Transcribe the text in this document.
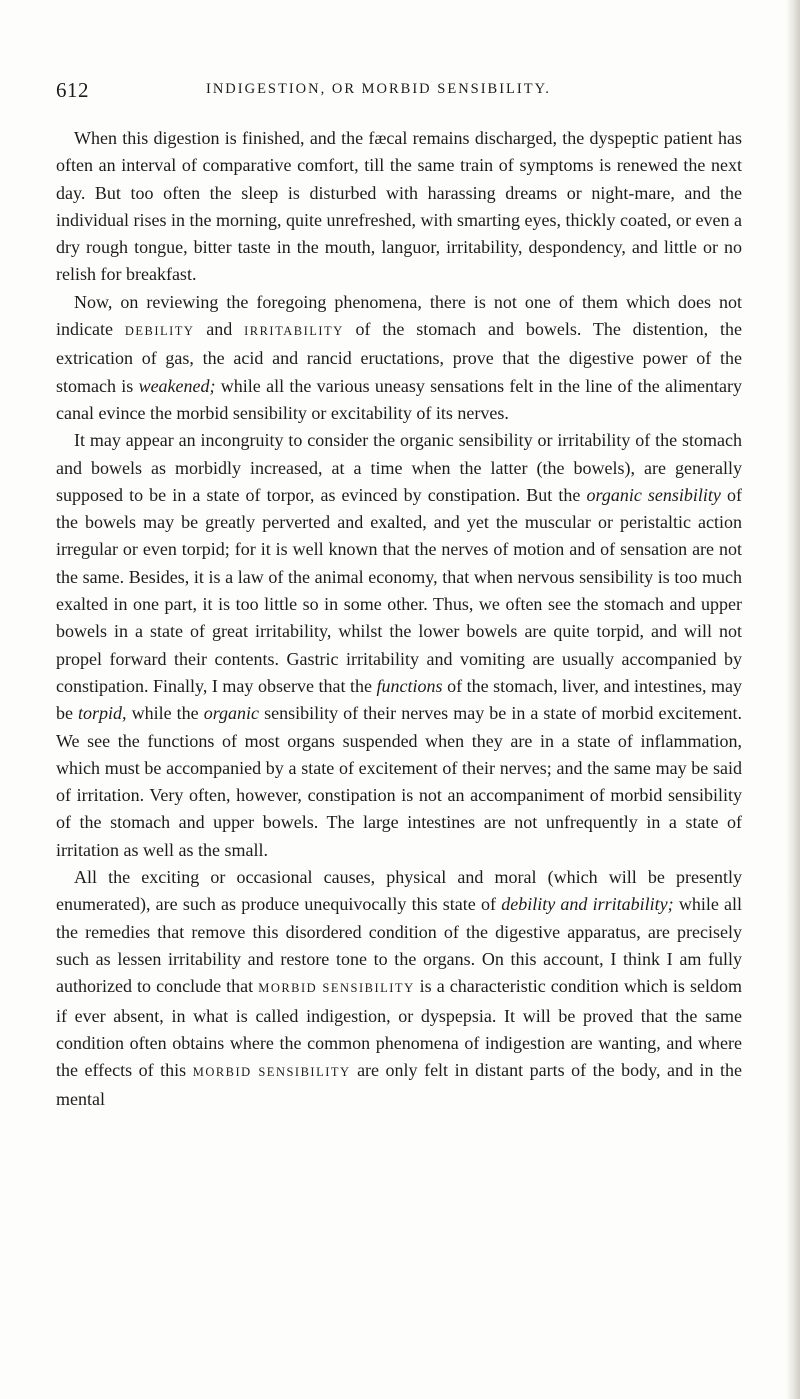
612	INDIGESTION, OR MORBID SENSIBILITY.

When this digestion is finished, and the fæcal remains discharged, the dyspeptic patient has often an interval of comparative comfort, till the same train of symptoms is renewed the next day. But too often the sleep is disturbed with harassing dreams or night-mare, and the individual rises in the morning, quite unrefreshed, with smarting eyes, thickly coated, or even a dry rough tongue, bitter taste in the mouth, languor, irritability, despondency, and little or no relish for breakfast.

Now, on reviewing the foregoing phenomena, there is not one of them which does not indicate DEBILITY and IRRITABILITY of the stomach and bowels. The distention, the extrication of gas, the acid and rancid eructations, prove that the digestive power of the stomach is weakened; while all the various uneasy sensations felt in the line of the alimentary canal evince the morbid sensibility or excitability of its nerves.

It may appear an incongruity to consider the organic sensibility or irritability of the stomach and bowels as morbidly increased, at a time when the latter (the bowels), are generally supposed to be in a state of torpor, as evinced by constipation. But the organic sensibility of the bowels may be greatly perverted and exalted, and yet the muscular or peristaltic action irregular or even torpid; for it is well known that the nerves of motion and of sensation are not the same. Besides, it is a law of the animal economy, that when nervous sensibility is too much exalted in one part, it is too little so in some other. Thus, we often see the stomach and upper bowels in a state of great irritability, whilst the lower bowels are quite torpid, and will not propel forward their contents. Gastric irritability and vomiting are usually accompanied by constipation. Finally, I may observe that the functions of the stomach, liver, and intestines, may be torpid, while the organic sensibility of their nerves may be in a state of morbid excitement. We see the functions of most organs suspended when they are in a state of inflammation, which must be accompanied by a state of excitement of their nerves; and the same may be said of irritation. Very often, however, constipation is not an accompaniment of morbid sensibility of the stomach and upper bowels. The large intestines are not unfrequently in a state of irritation as well as the small.

All the exciting or occasional causes, physical and moral (which will be presently enumerated), are such as produce unequivocally this state of debility and irritability; while all the remedies that remove this disordered condition of the digestive apparatus, are precisely such as lessen irritability and restore tone to the organs. On this account, I think I am fully authorized to conclude that MORBID SENSIBILITY is a characteristic condition which is seldom if ever absent, in what is called indigestion, or dyspepsia. It will be proved that the same condition often obtains where the common phenomena of indigestion are wanting, and where the effects of this MORBID SENSIBILITY are only felt in distant parts of the body, and in the mental
